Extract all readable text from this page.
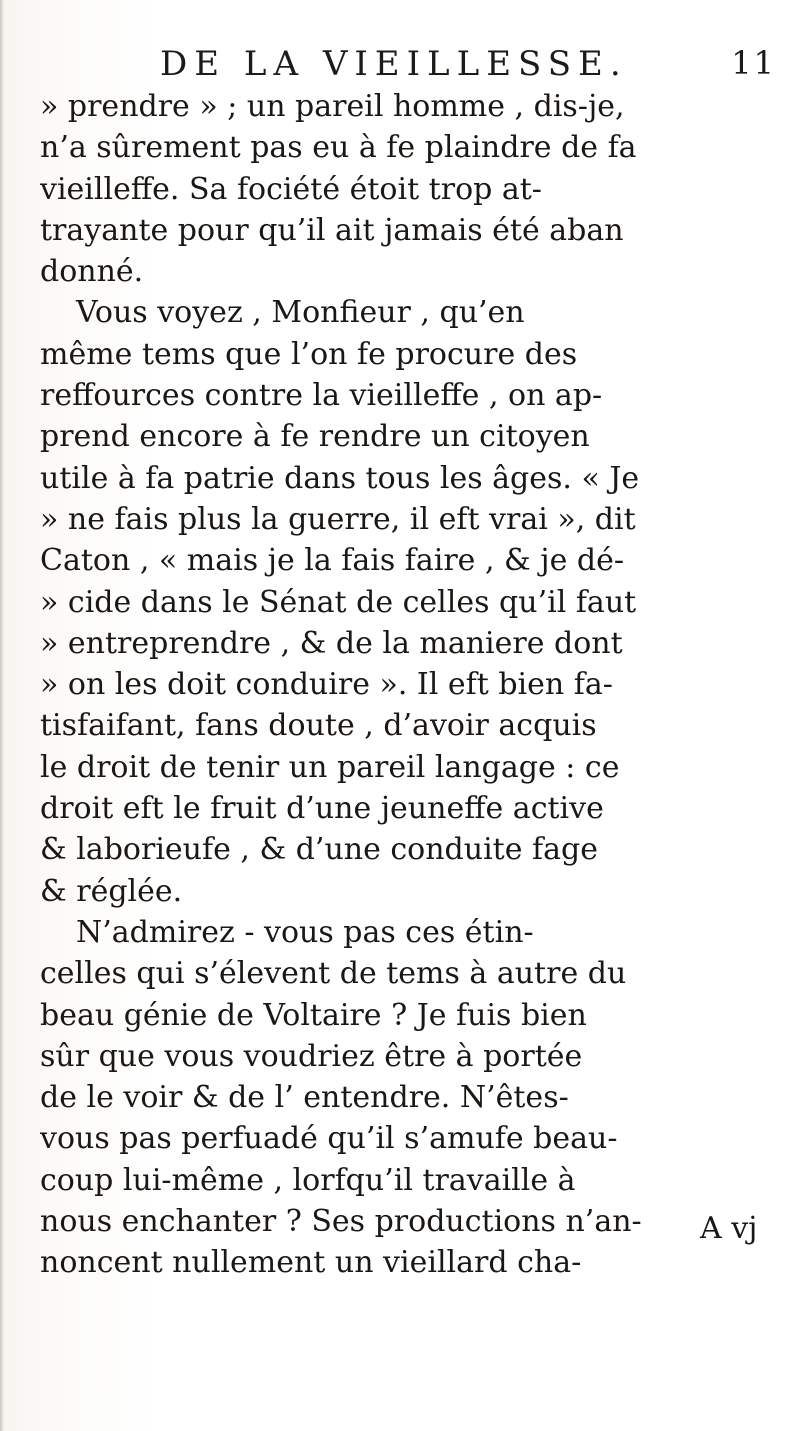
DE LA VIEILLESSE.	11
» prendre » ; un pareil homme , dis-je,
n’a sûrement pas eu à fe plaindre de fa
vieilleffe. Sa fociété étoit trop at-
trayante pour qu’il ait jamais été aban
donné.
Vous voyez , Monfieur , qu’en
même tems que l’on fe procure des
reffources contre la vieilleffe , on ap-
prend encore à fe rendre un citoyen
utile à fa patrie dans tous les âges. « Je
» ne fais plus la guerre, il eft vrai », dit
Caton , « mais je la fais faire , & je dé-
» cide dans le Sénat de celles qu’il faut
» entreprendre , & de la maniere dont
» on les doit conduire ». Il eft bien fa-
tisfaifant, fans doute , d’avoir acquis
le droit de tenir un pareil langage : ce
droit eft le fruit d’une jeuneffe active
& laborieufe , & d’une conduite fage
& réglée.
N’admirez - vous pas ces étin-
celles qui s’élevent de tems à autre du
beau génie de Voltaire ? Je fuis bien
sûr que vous voudriez être à portée
de le voir & de l’ entendre. N’êtes-
vous pas perfuadé qu’il s’amufe beau-
coup lui-même , lorfqu’il travaille à
nous enchanter ? Ses productions n’an-
noncent nullement un vieillard cha-
A vj
